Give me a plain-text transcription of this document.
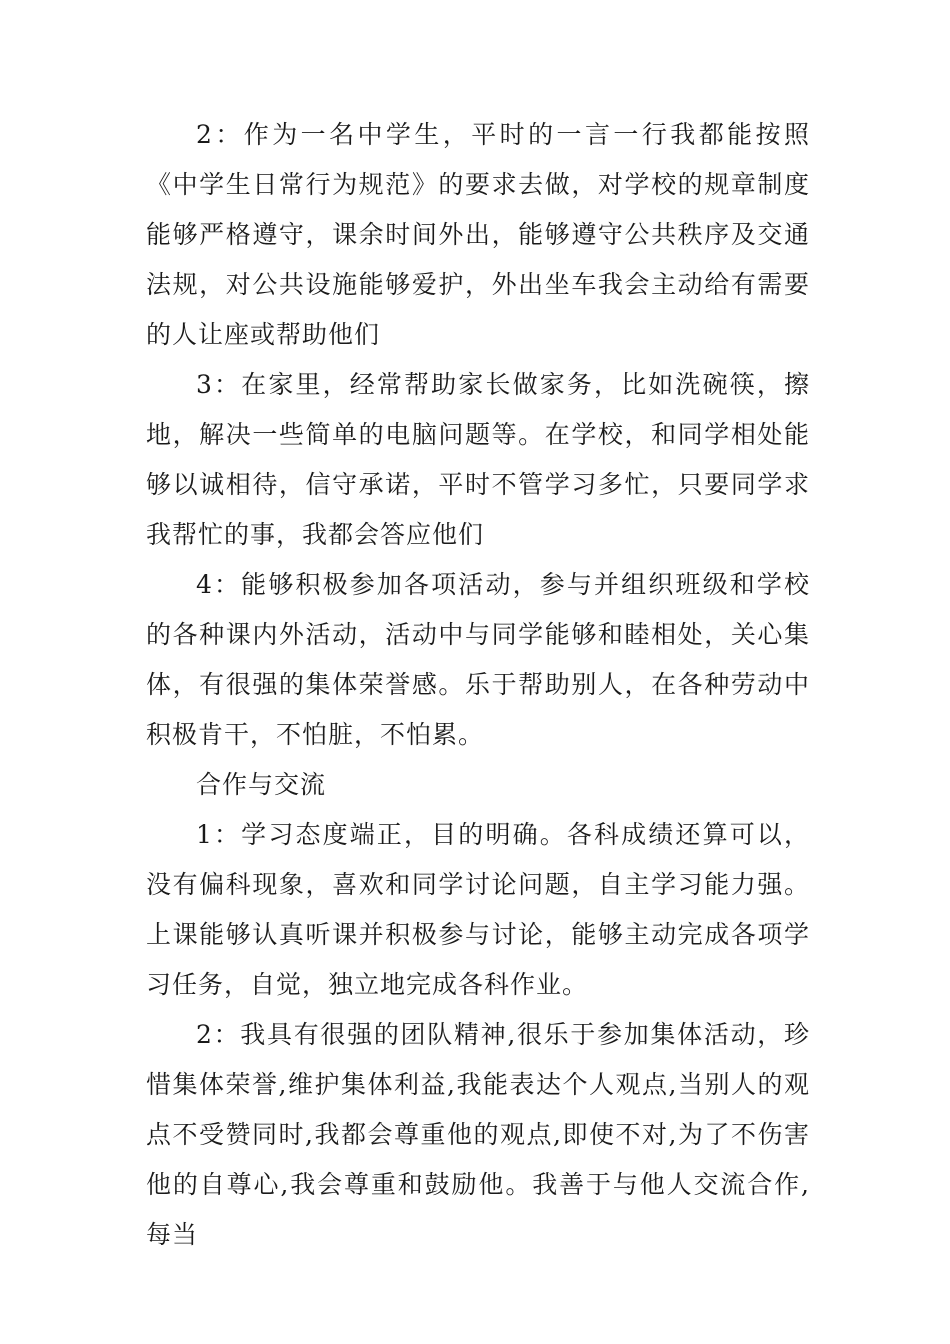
2：作为一名中学生，平时的一言一行我都能按照《中学生日常行为规范》的要求去做，对学校的规章制度能够严格遵守，课余时间外出，能够遵守公共秩序及交通法规，对公共设施能够爱护，外出坐车我会主动给有需要的人让座或帮助他们

3：在家里，经常帮助家长做家务，比如洗碗筷，擦地，解决一些简单的电脑问题等。在学校，和同学相处能够以诚相待，信守承诺，平时不管学习多忙，只要同学求我帮忙的事，我都会答应他们

4：能够积极参加各项活动，参与并组织班级和学校的各种课内外活动，活动中与同学能够和睦相处，关心集体，有很强的集体荣誉感。乐于帮助别人，在各种劳动中积极肯干，不怕脏，不怕累。

合作与交流

1：学习态度端正，目的明确。各科成绩还算可以，没有偏科现象，喜欢和同学讨论问题，自主学习能力强。上课能够认真听课并积极参与讨论，能够主动完成各项学习任务，自觉，独立地完成各科作业。

2：我具有很强的团队精神,很乐于参加集体活动，珍惜集体荣誉,维护集体利益,我能表达个人观点,当别人的观点不受赞同时,我都会尊重他的观点,即使不对,为了不伤害他的自尊心,我会尊重和鼓励他。我善于与他人交流合作,每当
